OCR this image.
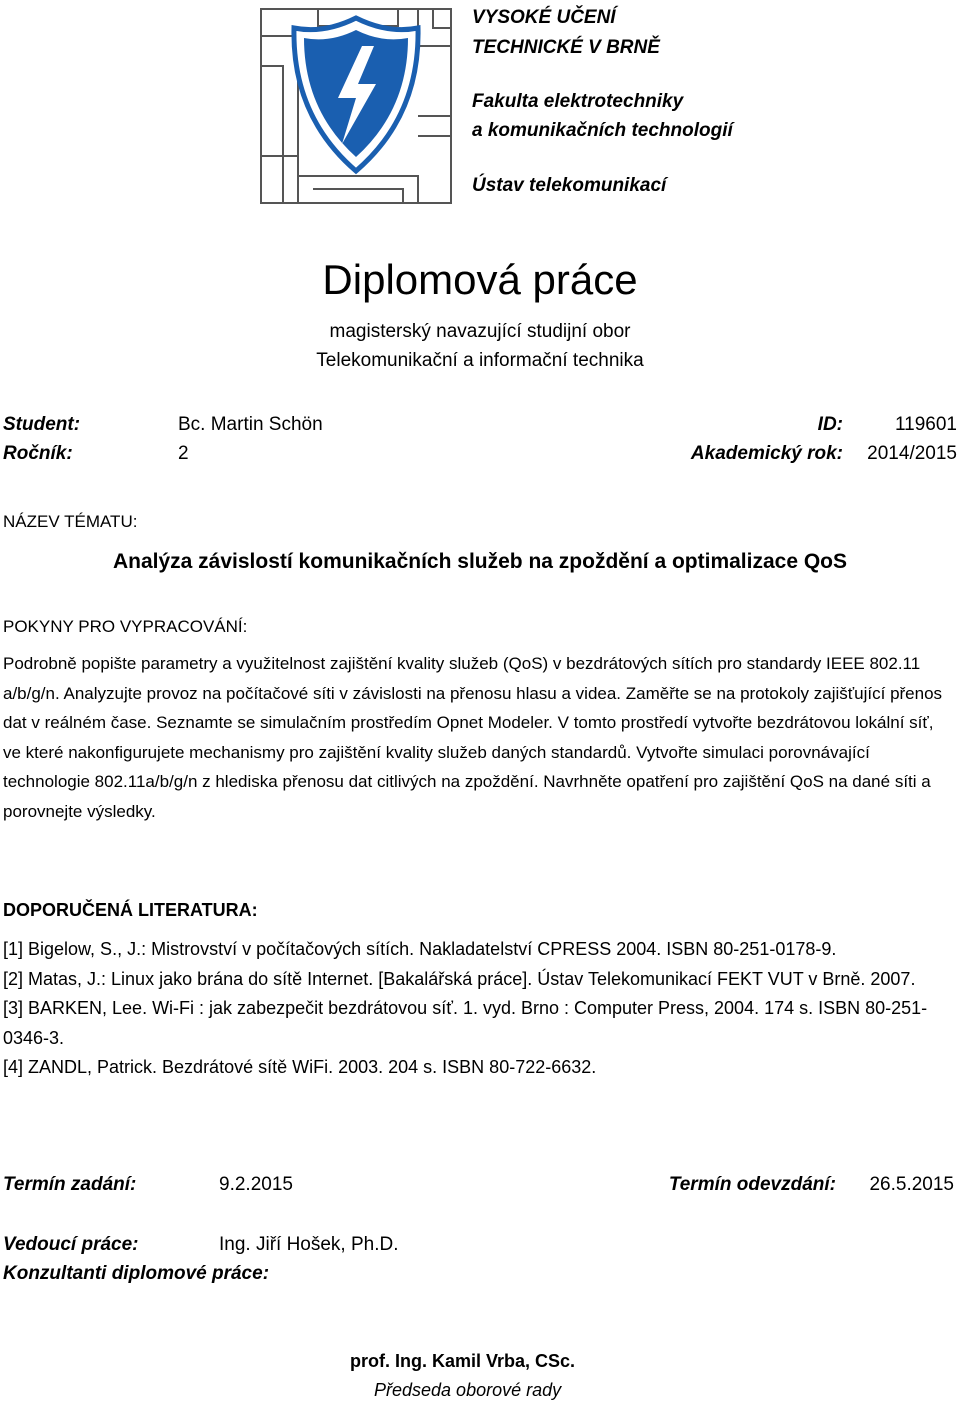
VYSOKÉ UČENÍ
TECHNICKÉ V BRNĚ
Fakulta elektrotechniky
a komunikačních technologií
Ústav telekomunikací
Diplomová práce
magisterský navazující studijní obor
Telekomunikační a informační technika
Student:	Bc. Martin Schön	ID:	119601
Ročník:	2	Akademický rok: 2014/2015
NÁZEV TÉMATU:
Analýza závislostí komunikačních služeb na zpoždění a optimalizace QoS
POKYNY PRO VYPRACOVÁNÍ:
Podrobně popište parametry a využitelnost zajištění kvality služeb (QoS) v bezdrátových sítích pro standardy IEEE 802.11 a/b/g/n. Analyzujte provoz na počítačové síti v závislosti na přenosu hlasu a videa. Zaměřte se na protokoly zajišťující přenos dat v reálném čase. Seznamte se simulačním prostředím Opnet Modeler. V tomto prostředí vytvořte bezdrátovou lokální síť, ve které nakonfigurujete mechanismy pro zajištění kvality služeb daných standardů. Vytvořte simulaci porovnávající technologie 802.11a/b/g/n z hlediska přenosu dat citlivých na zpoždění. Navrhněte opatření pro zajištění QoS na dané síti a porovnejte výsledky.
DOPORUČENÁ LITERATURA:

[1] Bigelow, S., J.: Mistrovství v počítačových sítích. Nakladatelství CPRESS 2004. ISBN 80-251-0178-9.

[2] Matas, J.: Linux jako brána do sítě Internet. [Bakalářská práce]. Ústav Telekomunikací FEKT VUT v Brně. 2007.

[3] BARKEN, Lee. Wi-Fi : jak zabezpečit bezdrátovou síť. 1. vyd. Brno : Computer Press, 2004. 174 s. ISBN 80-251-0346-3.

[4] ZANDL, Patrick. Bezdrátové sítě WiFi. 2003. 204 s. ISBN 80-722-6632.

Termín zadání:	9.2.2015	Termín odevzdání: 26.5.2015
Vedoucí práce:	Ing. Jiří Hošek, Ph.D.
Konzultanti diplomové práce:
prof. Ing. Kamil Vrba, CSc.
Předseda oborové rady
